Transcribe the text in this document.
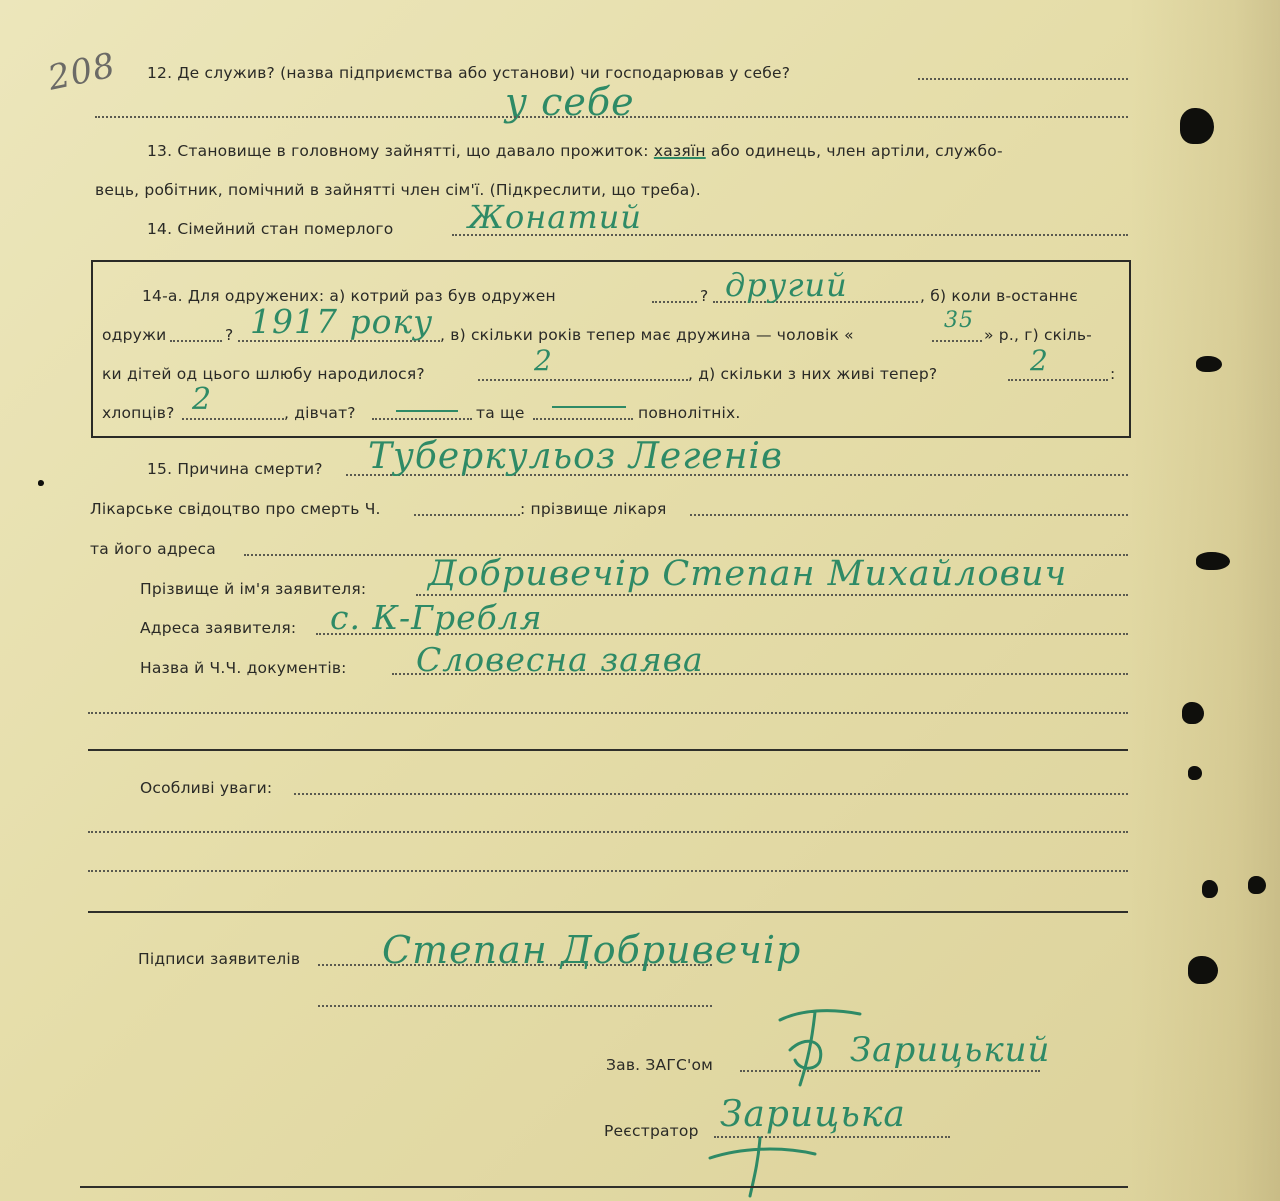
208 12. Де служив? (назва підприємства або установи) чи господарював у себе?
у себе
13. Становище в головному зайнятті, що давало прожиток: хазяїн або одинець, член артіли, службо-
вець, робітник, помічний в зайнятті член сім'ї. (Підкреслити, що треба).
14. Сімейний стан померлого Жонатий
14-а. Для одружених: а) котрий раз був одружен	?	, б) коли в-останнє
другий
одружи	? 1917 року , в) скільки років тепер має дружина — чоловік «
35
» р., г) скіль-
ки дітей од цього шлюбу народилося?	2	, д) скільки з них живі тепер?	2	:
хлопців? 2	, дівчат?	та ще	повнолітніх.
15. Причина смерти? Туберкульоз Легенів
Лікарське свідоцтво про смерть Ч.	: прізвище лікаря
та його адреса
Прізвище й ім'я заявителя: Добривечір Степан Михайлович
Адреса заявителя: с. К-Гребля
Назва й Ч.Ч. документів: Словесна заява
Особливі уваги:
Підписи заявителів Степан Добривечір
Зав. ЗАГС'ом	Зарицький
Реєстратор Зарицька
